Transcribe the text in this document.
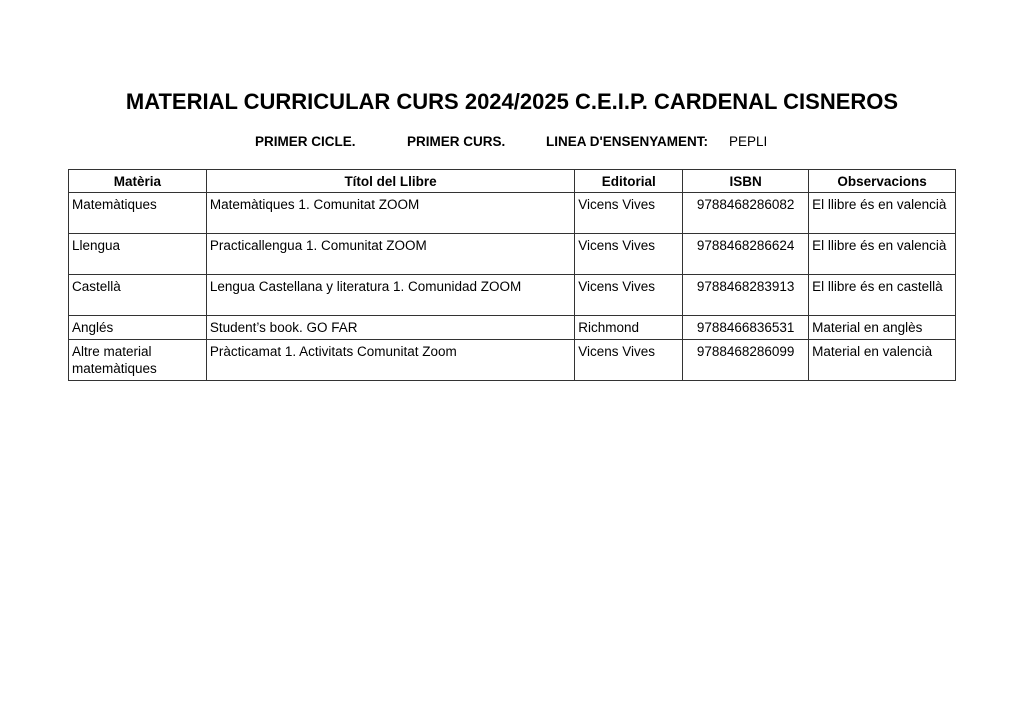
MATERIAL CURRICULAR CURS 2024/2025 C.E.I.P. CARDENAL CISNEROS
PRIMER CICLE.	PRIMER CURS.	LINEA D'ENSENYAMENT: PEPLI
Matèria	Títol del Llibre	Editorial	ISBN	Observacions
Matemàtiques	Matemàtiques 1. Comunitat ZOOM	Vicens Vives	9788468286082	El llibre és en valencià
Llengua	Practicallengua 1. Comunitat ZOOM	Vicens Vives	9788468286624	El llibre és en valencià
Castellà	Lengua Castellana y literatura 1. Comunidad ZOOM	Vicens Vives	9788468283913	El llibre és en castellà
Anglés	Student’s book. GO FAR	Richmond	9788466836531	Material en anglès
Altre material matemàtiques	Pràcticamat 1. Activitats Comunitat Zoom	Vicens Vives	9788468286099	Material en valencià
